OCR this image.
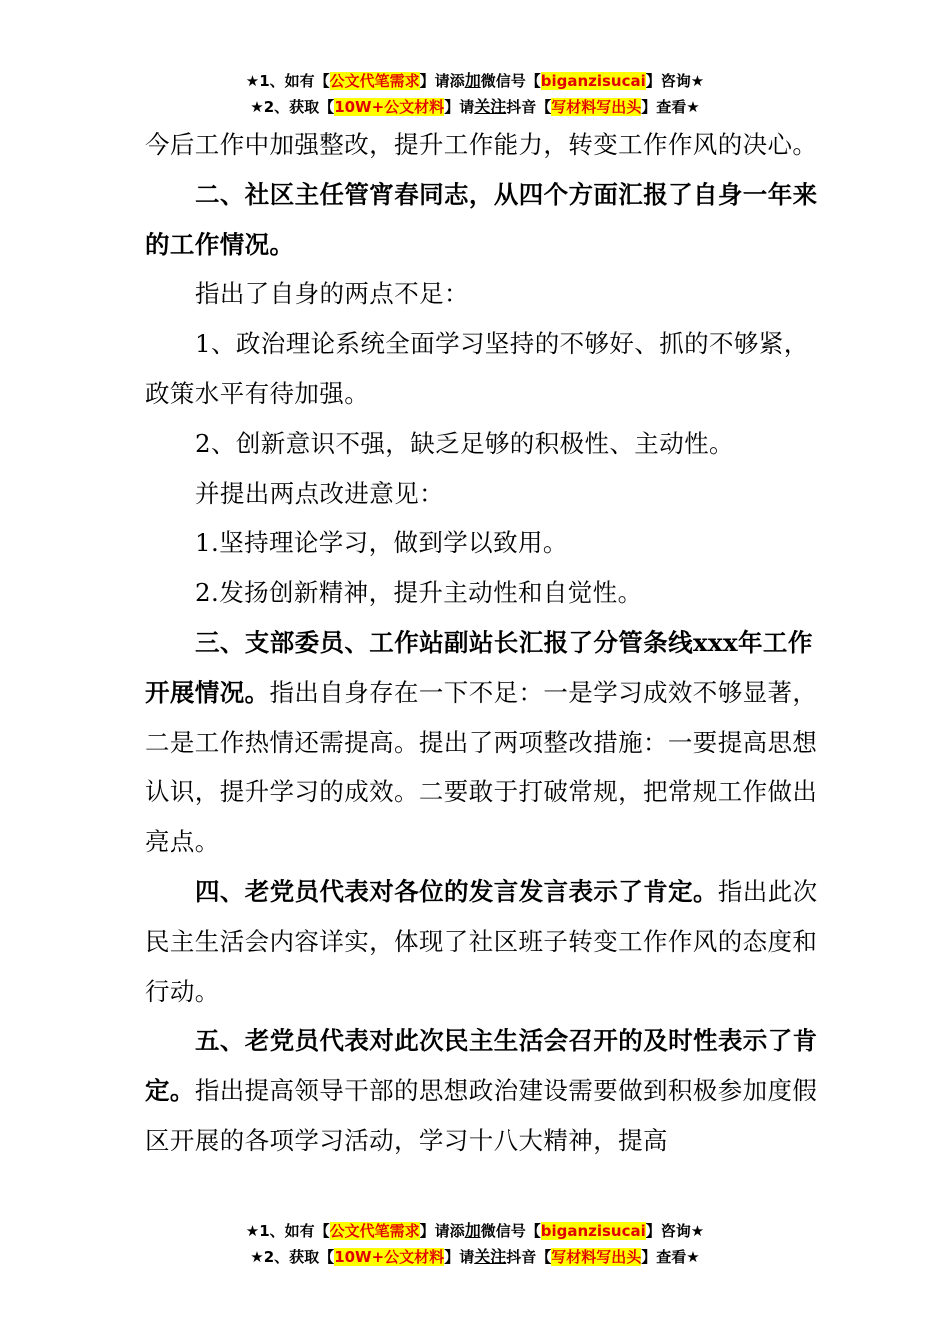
★1、如有【公文代笔需求】请添加微信号【biganzisucai】咨询★
★2、获取【10W+公文材料】请关注抖音【写材料写出头】查看★

今后工作中加强整改，提升工作能力，转变工作作风的决心。

二、社区主任管宵春同志，从四个方面汇报了自身一年来的工作情况。

指出了自身的两点不足：

1、政治理论系统全面学习坚持的不够好、抓的不够紧，政策水平有待加强。

2、创新意识不强，缺乏足够的积极性、主动性。

并提出两点改进意见：

1.坚持理论学习，做到学以致用。

2.发扬创新精神，提升主动性和自觉性。

三、支部委员、工作站副站长汇报了分管条线xxx年工作开展情况。指出自身存在一下不足：一是学习成效不够显著，二是工作热情还需提高。提出了两项整改措施：一要提高思想认识，提升学习的成效。二要敢于打破常规，把常规工作做出亮点。

四、老党员代表对各位的发言发言表示了肯定。指出此次民主生活会内容详实，体现了社区班子转变工作作风的态度和行动。

五、老党员代表对此次民主生活会召开的及时性表示了肯定。指出提高领导干部的思想政治建设需要做到积极参加度假区开展的各项学习活动，学习十八大精神，提高

★1、如有【公文代笔需求】请添加微信号【biganzisucai】咨询★
★2、获取【10W+公文材料】请关注抖音【写材料写出头】查看★
